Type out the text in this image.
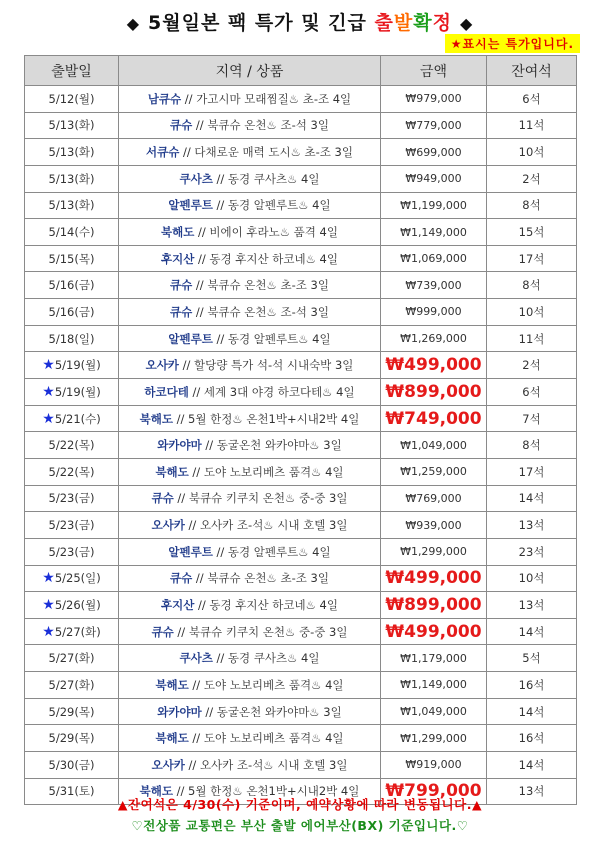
◆ 5월일본 팩 특가 및 긴급 출발확정 ◆
★표시는 특가입니다.
출발일	지역 / 상품	금액	잔여석
5/12(월)	남큐슈 // 가고시마 모래찜질♨ 초-조 4일	₩979,000	6석
5/13(화)	큐슈 // 북큐슈 온천♨ 조-석 3일	₩779,000	11석
5/13(화)	서큐슈 // 다채로운 매력 도시♨ 초-조 3일	₩699,000	10석
5/13(화)	쿠사츠 // 동경 쿠사츠♨ 4일	₩949,000	2석
5/13(화)	알펜루트 // 동경 알펜루트♨ 4일	₩1,199,000	8석
5/14(수)	북해도 // 비에이 후라노♨ 품격 4일	₩1,149,000	15석
5/15(목)	후지산 // 동경 후지산 하코네♨ 4일	₩1,069,000	17석
5/16(금)	큐슈 // 북큐슈 온천♨ 초-조 3일	₩739,000	8석
5/16(금)	큐슈 // 북큐슈 온천♨ 조-석 3일	₩999,000	10석
5/18(일)	알펜루트 // 동경 알펜루트♨ 4일	₩1,269,000	11석
★5/19(월)	오사카 // 할당량 특가 석-석 시내숙박 3일	₩499,000	2석
★5/19(월)	하코다테 // 세계 3대 야경 하코다테♨ 4일	₩899,000	6석
★5/21(수)	북해도 // 5월 한정♨ 온천1박+시내2박 4일	₩749,000	7석
5/22(목)	와카야마 // 동굴온천 와카야마♨ 3일	₩1,049,000	8석
5/22(목)	북해도 // 도야 노보리베츠 품격♨ 4일	₩1,259,000	17석
5/23(금)	큐슈 // 북큐슈 키쿠치 온천♨ 중-중 3일	₩769,000	14석
5/23(금)	오사카 // 오사카 조-석♨ 시내 호텔 3일	₩939,000	13석
5/23(금)	알펜루트 // 동경 알펜루트♨ 4일	₩1,299,000	23석
★5/25(일)	큐슈 // 북큐슈 온천♨ 초-조 3일	₩499,000	10석
★5/26(월)	후지산 // 동경 후지산 하코네♨ 4일	₩899,000	13석
★5/27(화)	큐슈 // 북큐슈 키쿠치 온천♨ 중-중 3일	₩499,000	14석
5/27(화)	쿠사츠 // 동경 쿠사츠♨ 4일	₩1,179,000	5석
5/27(화)	북해도 // 도야 노보리베츠 품격♨ 4일	₩1,149,000	16석
5/29(목)	와카야마 // 동굴온천 와카야마♨ 3일	₩1,049,000	14석
5/29(목)	북해도 // 도야 노보리베츠 품격♨ 4일	₩1,299,000	16석
5/30(금)	오사카 // 오사카 조-석♨ 시내 호텔 3일	₩919,000	14석
5/31(토)	북해도 // 5월 한정♨ 온천1박+시내2박 4일	₩799,000	13석
▲잔여석은 4/30(수) 기준이며, 예약상황에 따라 변동됩니다.▲
♡전상품 교통편은 부산 출발 에어부산(BX) 기준입니다.♡
